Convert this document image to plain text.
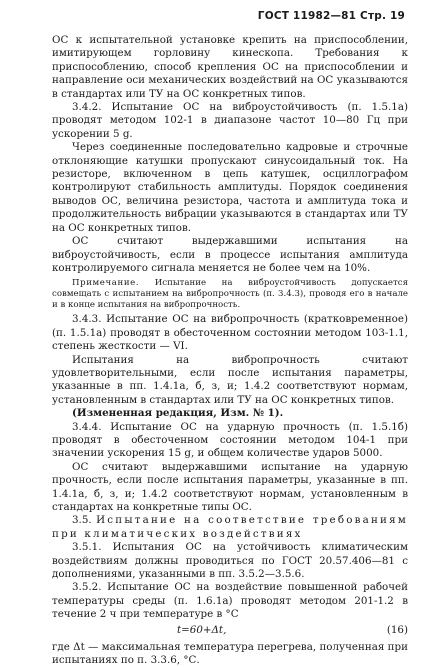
ГОСТ 11982—81 Стр. 19

ОС к испытательной установке крепить на приспособлении, имитирующем горловину кинескопа. Требования к приспособлению, способ крепления ОС на приспособлении и направление оси механических воздействий на ОС указываются в стандартах или ТУ на ОС конкретных типов.

3.4.2. Испытание ОС на виброустойчивость (п. 1.5.1а) проводят методом 102-1 в диапазоне частот 10—80 Гц при ускорении 5 g.

Через соединенные последовательно кадровые и строчные отклоняющие катушки пропускают синусоидальный ток. На резисторе, включенном в цепь катушек, осциллографом контролируют стабильность амплитуды. Порядок соединения выводов ОС, величина резистора, частота и амплитуда тока и продолжительность вибрации указываются в стандартах или ТУ на ОС конкретных типов.

ОС считают выдержавшими испытания на виброустойчивость, если в процессе испытания амплитуда контролируемого сигнала меняется не более чем на 10%.

Примечание. Испытание на виброустойчивость допускается совмещать с испытанием на вибропрочность (п. 3.4.3), проводя его в начале и в конце испытания на вибропрочность.

3.4.3. Испытание ОС на вибропрочность (кратковременное) (п. 1.5.1а) проводят в обесточенном состоянии методом 103-1.1, степень жесткости — VI.

Испытания на вибропрочность считают удовлетворительными, если после испытания параметры, указанные в пп. 1.4.1а, б, з, и; 1.4.2 соответствуют нормам, установленным в стандартах или ТУ на ОС конкретных типов.

(Измененная редакция, Изм. № 1).

3.4.4. Испытание ОС на ударную прочность (п. 1.5.1б) проводят в обесточенном состоянии методом 104-1 при значении ускорения 15 g, и общем количестве ударов 5000.

ОС считают выдержавшими испытание на ударную прочность, если после испытания параметры, указанные в пп. 1.4.1а, б, з, и; 1.4.2 соответствуют нормам, установленным в стандартах на конкретные типы ОС.

3.5. Испытание на соответствие требованиям при климатических воздействиях

3.5.1. Испытания ОС на устойчивость климатическим воздействиям должны проводиться по ГОСТ 20.57.406—81 с дополнениями, указанными в пп. 3.5.2—3.5.6.

3.5.2. Испытание ОС на воздействие повышенной рабочей температуры среды (п. 1.6.1а) проводят методом 201-1.2 в течение 2 ч при температуре в °С

t=60+Δt,	(16)

где Δt — максимальная температура перегрева, полученная при испытаниях по п. 3.3.6, °С.
